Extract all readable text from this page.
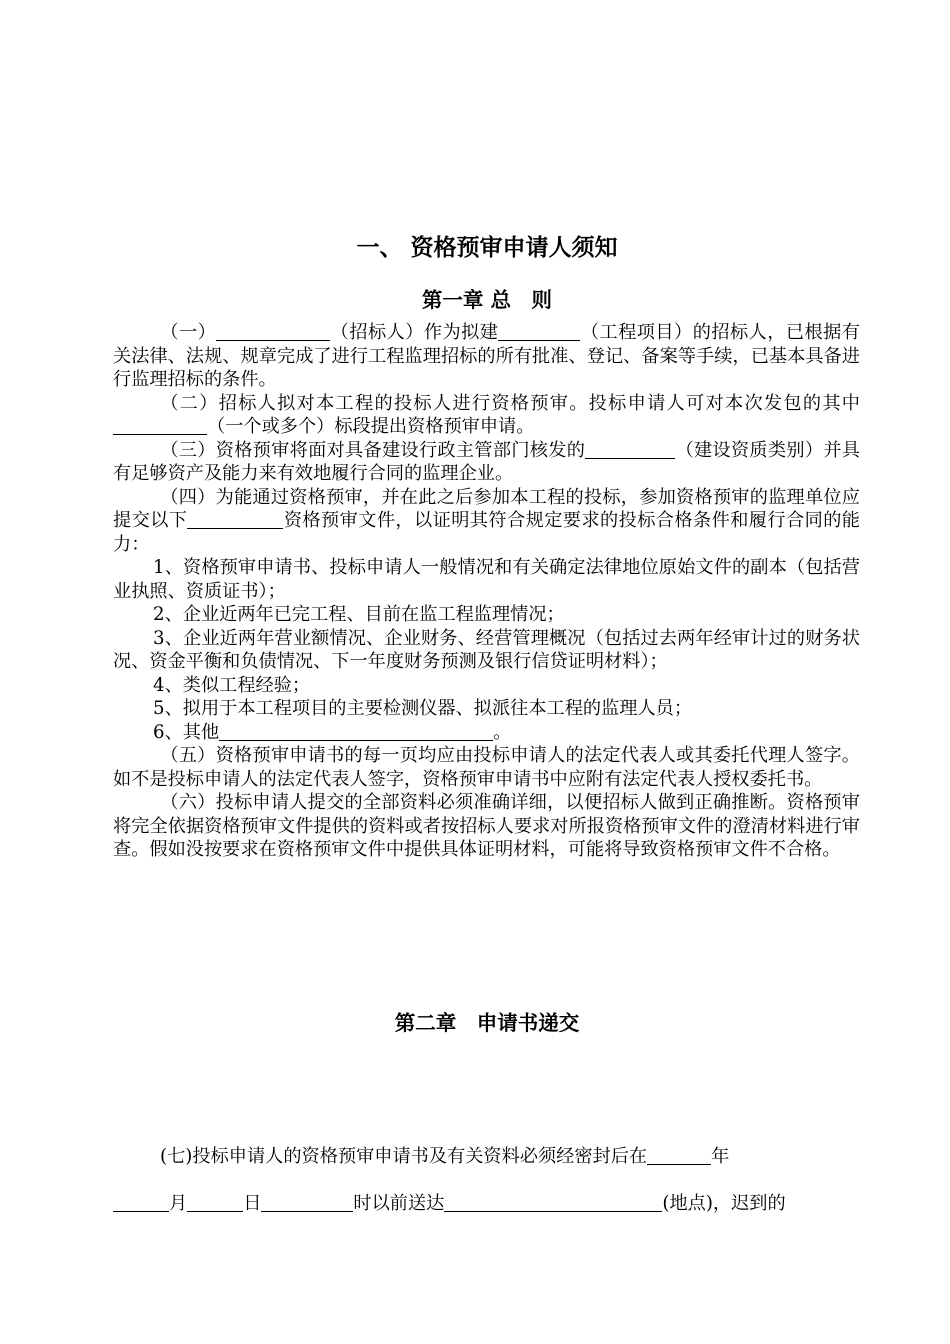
一、 资格预审申请人须知
第一章 总　则

（一）	（招标人）作为拟建	（工程项目）的招标人，已根据有关法律、法规、规章完成了进行工程监理招标的所有批准、登记、备案等手续，已基本具备进行监理招标的条件。

（二）招标人拟对本工程的投标人进行资格预审。投标申请人可对本次发包的其中（一个或多个）标段提出资格预审申请。

（三）资格预审将面对具备建设行政主管部门核发的	（建设资质类别）并具有足够资产及能力来有效地履行合同的监理企业。

（四）为能通过资格预审，并在此之后参加本工程的投标，参加资格预审的监理单位应提交以下	资格预审文件，以证明其符合规定要求的投标合格条件和履行合同的能力：

1、资格预审申请书、投标申请人一般情况和有关确定法律地位原始文件的副本（包括营业执照、资质证书）；

2、企业近两年已完工程、目前在监工程监理情况；

3、企业近两年营业额情况、企业财务、经营管理概况（包括过去两年经审计过的财务状况、资金平衡和负债情况、下一年度财务预测及银行信贷证明材料）；

4、类似工程经验；

5、拟用于本工程项目的主要检测仪器、拟派往本工程的监理人员；

6、其他	。

（五）资格预审申请书的每一页均应由投标申请人的法定代表人或其委托代理人签字。如不是投标申请人的法定代表人签字，资格预审申请书中应附有法定代表人授权委托书。

（六）投标申请人提交的全部资料必须准确详细，以便招标人做到正确推断。资格预审将完全依据资格预审文件提供的资料或者按招标人要求对所报资格预审文件的澄清材料进行审查。假如没按要求在资格预审文件中提供具体证明材料，可能将导致资格预审文件不合格。

第二章　申请书递交
(七)投标申请人的资格预审申请书及有关资料必须经密封后在	年
月	日	时以前送达	(地点)，迟到的
